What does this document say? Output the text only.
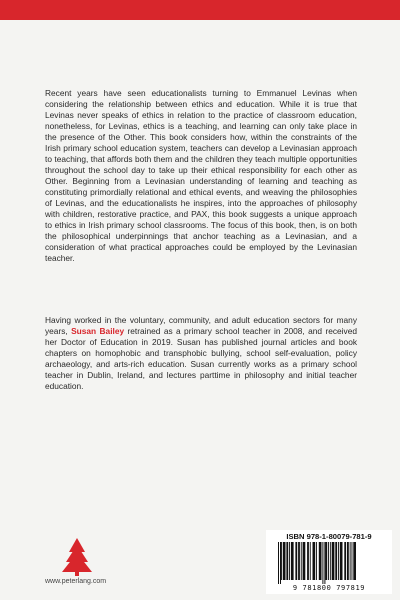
Recent years have seen educationalists turning to Emmanuel Levinas when considering the relationship between ethics and education. While it is true that Levinas never speaks of ethics in relation to the practice of classroom education, nonetheless, for Levinas, ethics is a teaching, and learning can only take place in the presence of the Other. This book considers how, within the constraints of the Irish primary school education system, teachers can develop a Levinasian approach to teaching, that affords both them and the children they teach multiple opportunities throughout the school day to take up their ethical responsibility for each other as Other. Beginning from a Levinasian understanding of learning and teaching as constituting primordially relational and ethical events, and weaving the philosophies of Levinas, and the educationalists he inspires, into the approaches of philosophy with children, restorative practice, and PAX, this book suggests a unique approach to ethics in Irish primary school classrooms. The focus of this book, then, is on both the philosophical underpinnings that anchor teaching as a Levinasian, and a consideration of what practical approaches could be employed by the Levinasian teacher.

Having worked in the voluntary, community, and adult education sectors for many years, Susan Bailey retrained as a primary school teacher in 2008, and received her Doctor of Education in 2019. Susan has published journal articles and book chapters on homophobic and transphobic bullying, school self-evaluation, policy archaeology, and arts-rich education. Susan currently works as a primary school teacher in Dublin, Ireland, and lectures parttime in philosophy and initial teacher education.

www.peterlang.com
ISBN 978-1-80079-781-9
9 781800 797819
